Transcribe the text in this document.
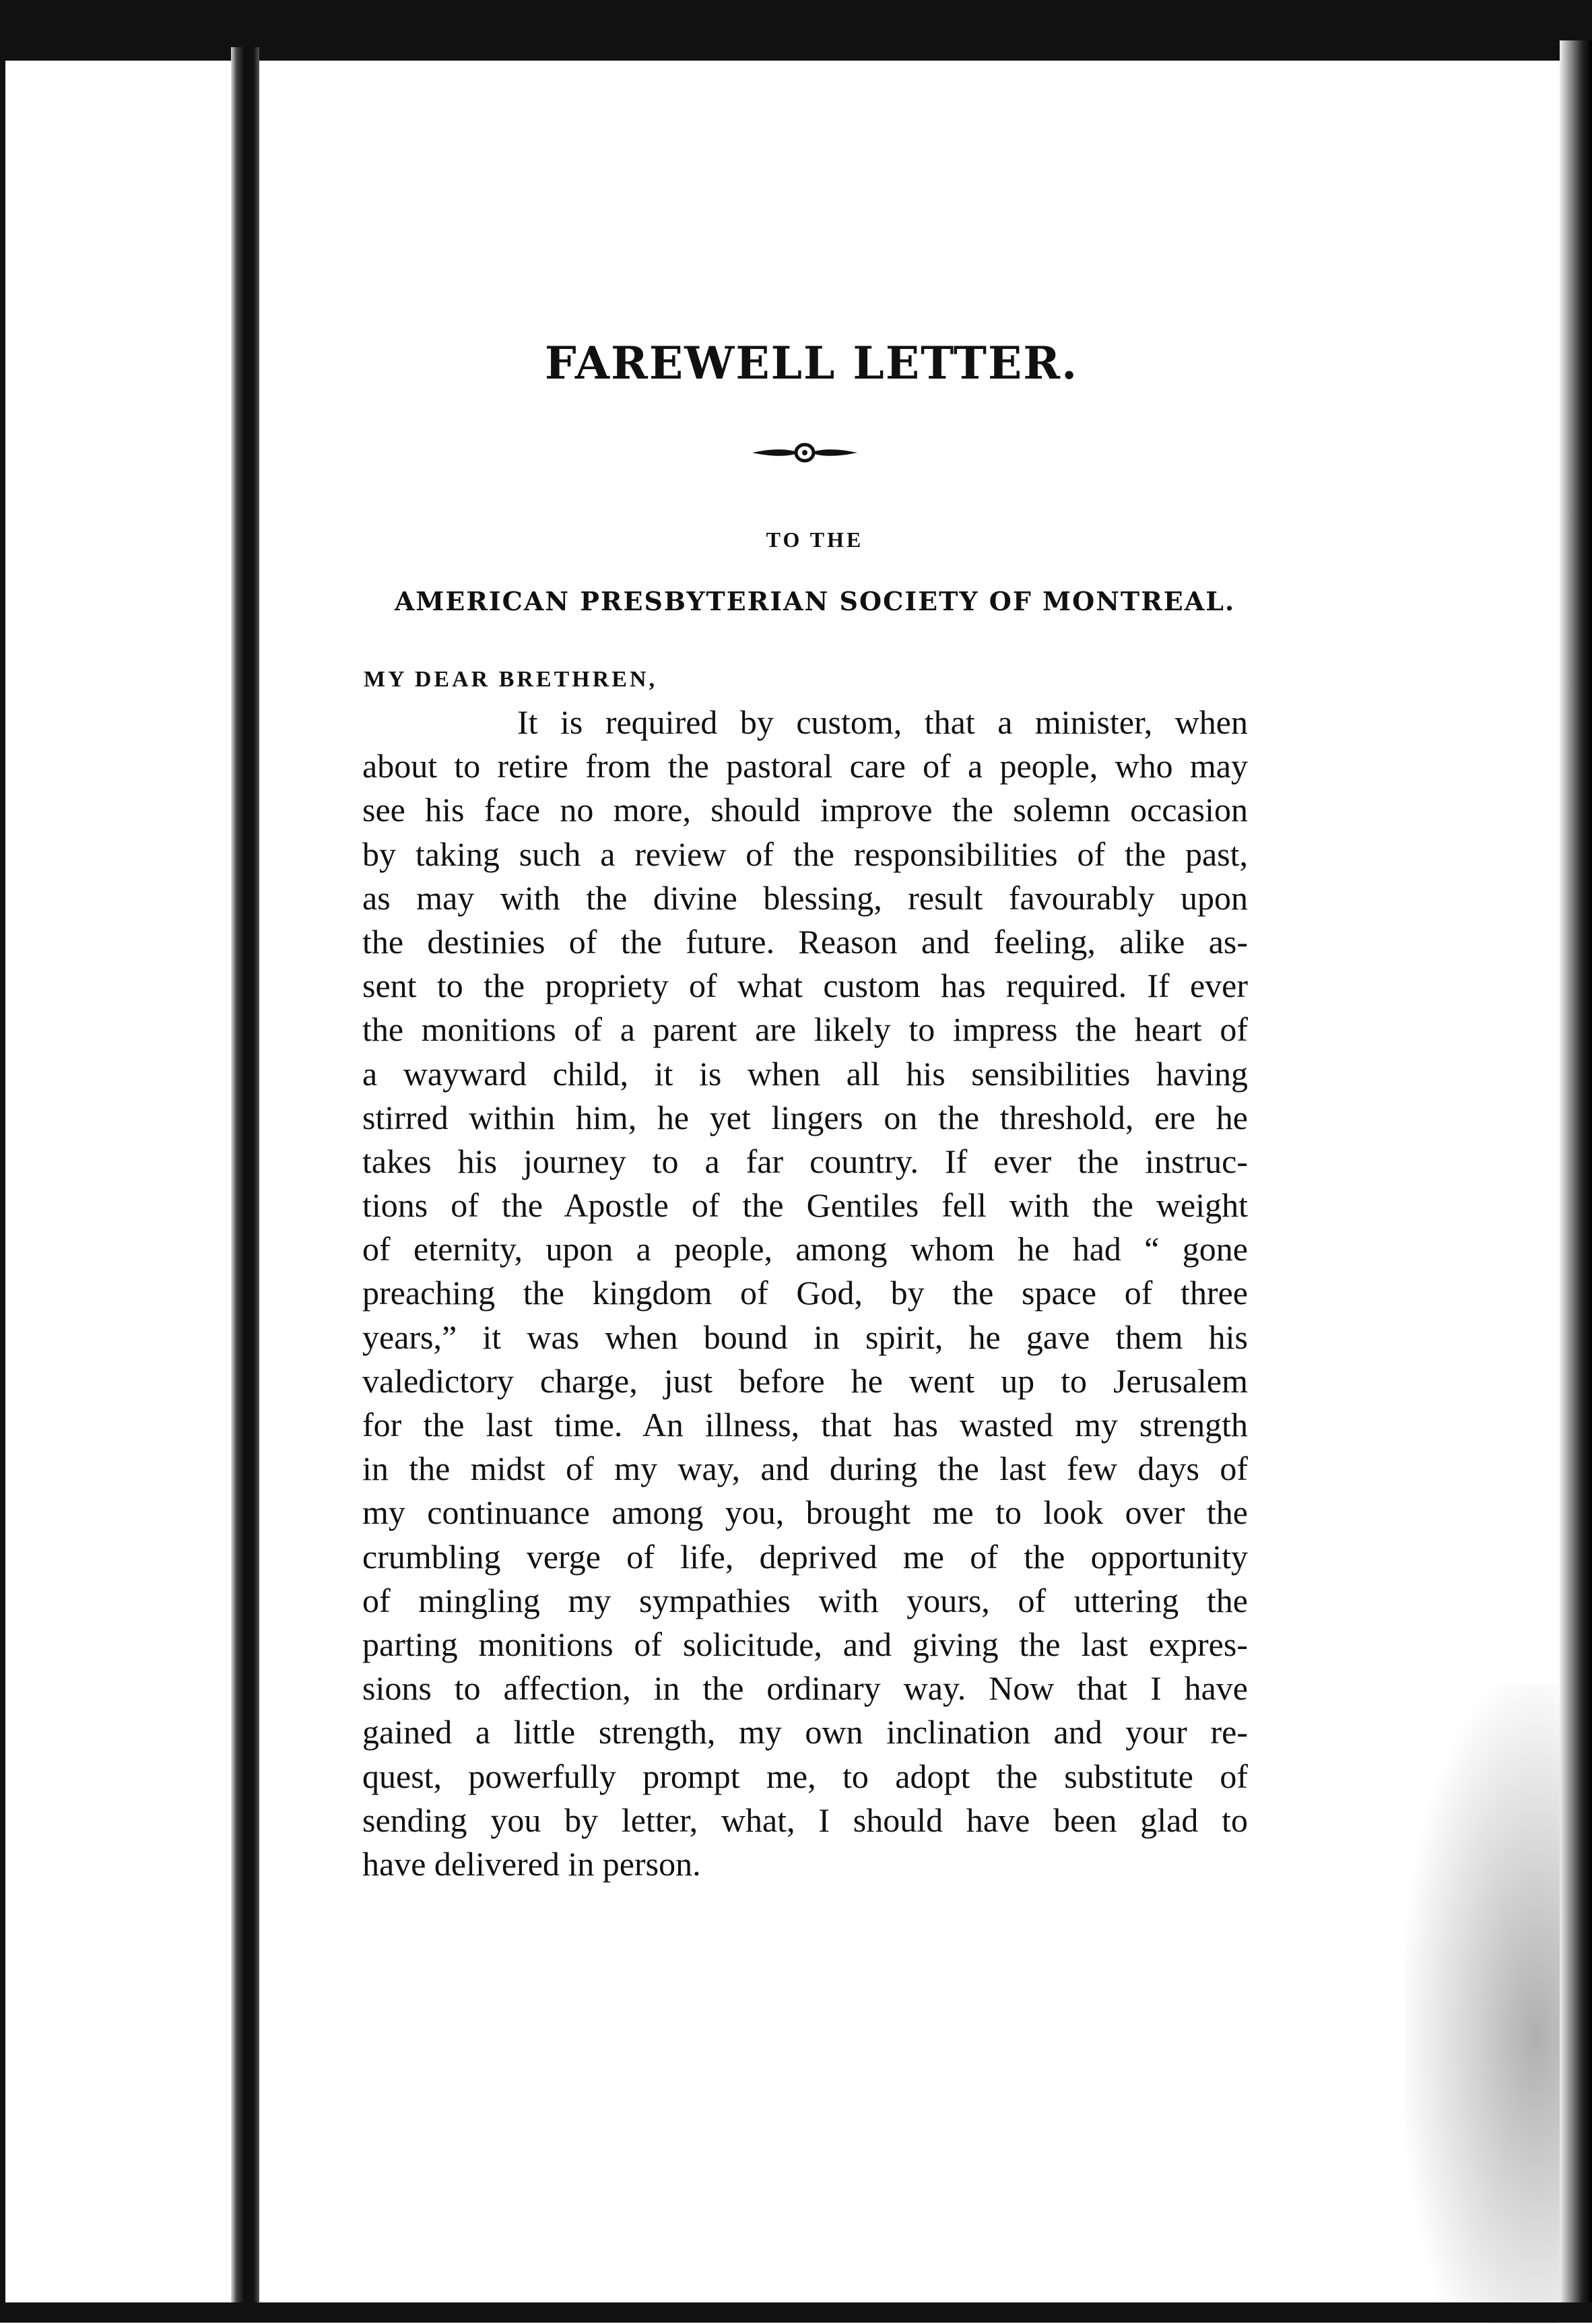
FAREWELL LETTER.
TO THE
AMERICAN PRESBYTERIAN SOCIETY OF MONTREAL.
MY DEAR BRETHREN,
It is required by custom, that a minister, when
about to retire from the pastoral care of a people, who may
see his face no more, should improve the solemn occasion
by taking such a review of the responsibilities of the past,
as may with the divine blessing, result favourably upon
the destinies of the future. Reason and feeling, alike as-
sent to the propriety of what custom has required. If ever
the monitions of a parent are likely to impress the heart of
a wayward child, it is when all his sensibilities having
stirred within him, he yet lingers on the threshold, ere he
takes his journey to a far country. If ever the instruc-
tions of the Apostle of the Gentiles fell with the weight
of eternity, upon a people, among whom he had “ gone
preaching the kingdom of God, by the space of three
years,” it was when bound in spirit, he gave them his
valedictory charge, just before he went up to Jerusalem
for the last time. An illness, that has wasted my strength
in the midst of my way, and during the last few days of
my continuance among you, brought me to look over the
crumbling verge of life, deprived me of the opportunity
of mingling my sympathies with yours, of uttering the
parting monitions of solicitude, and giving the last expres-
sions to affection, in the ordinary way. Now that I have
gained a little strength, my own inclination and your re-
quest, powerfully prompt me, to adopt the substitute of
sending you by letter, what, I should have been glad to
have delivered in person.
